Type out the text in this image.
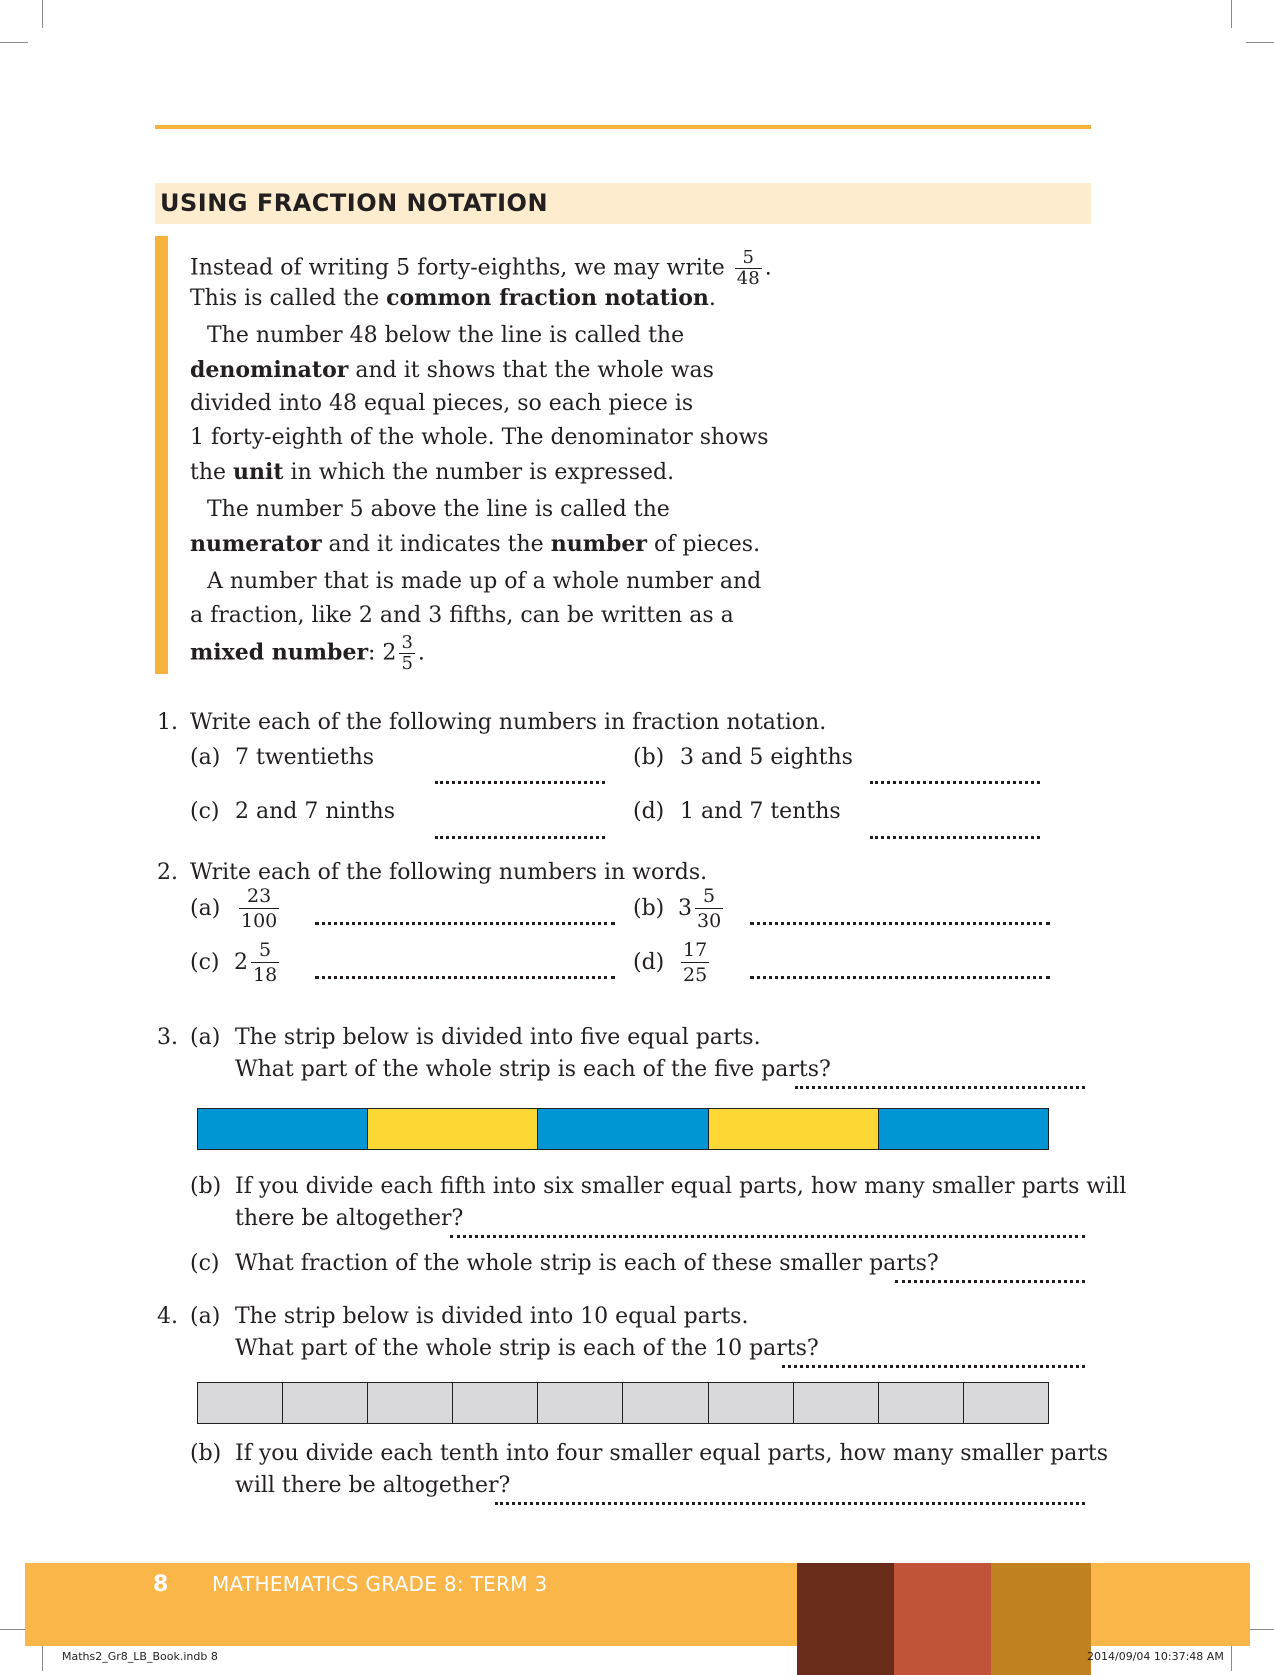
USING FRACTION NOTATION
Instead of writing 5 forty-eighths, we may write $\frac{5}{48}$ .
This is called the common fraction notation.
The number 48 below the line is called the
denominator and it shows that the whole was
divided into 48 equal pieces, so each piece is
1 forty-eighth of the whole. The denominator shows
the unit in which the number is expressed.
The number 5 above the line is called the
numerator and it indicates the number of pieces.
A number that is made up of a whole number and
a fraction, like 2 and 3 fifths, can be written as a
mixed number: $2 \frac{3}{5}$ .
1. Write each of the following numbers in fraction notation.
(a) 7 twentieths	(b) 3 and 5 eighths
(c) 2 and 7 ninths	(d) 1 and 7 tenths
2. Write each of the following numbers in words.
$(a) \frac{23}{100}$	(b) $3 \frac{5}{30}$
(c) $2 \frac{5}{18}$	$(d) \frac{17}{25}$
3. (a) The strip below is divided into five equal parts.
What part of the whole strip is each of the five parts?
(b) If you divide each fifth into six smaller equal parts, how many smaller parts will
there be altogether?
(c) What fraction of the whole strip is each of these smaller parts?
4. (a) The strip below is divided into 10 equal parts.
What part of the whole strip is each of the 10 parts?
(b) If you divide each tenth into four smaller equal parts, how many smaller parts
will there be altogether?
8 MATHEMATICS GRADE 8: TERM 3
Maths2_Gr8_LB_Book.indb 8	2014/09/04 10:37:48 AM
